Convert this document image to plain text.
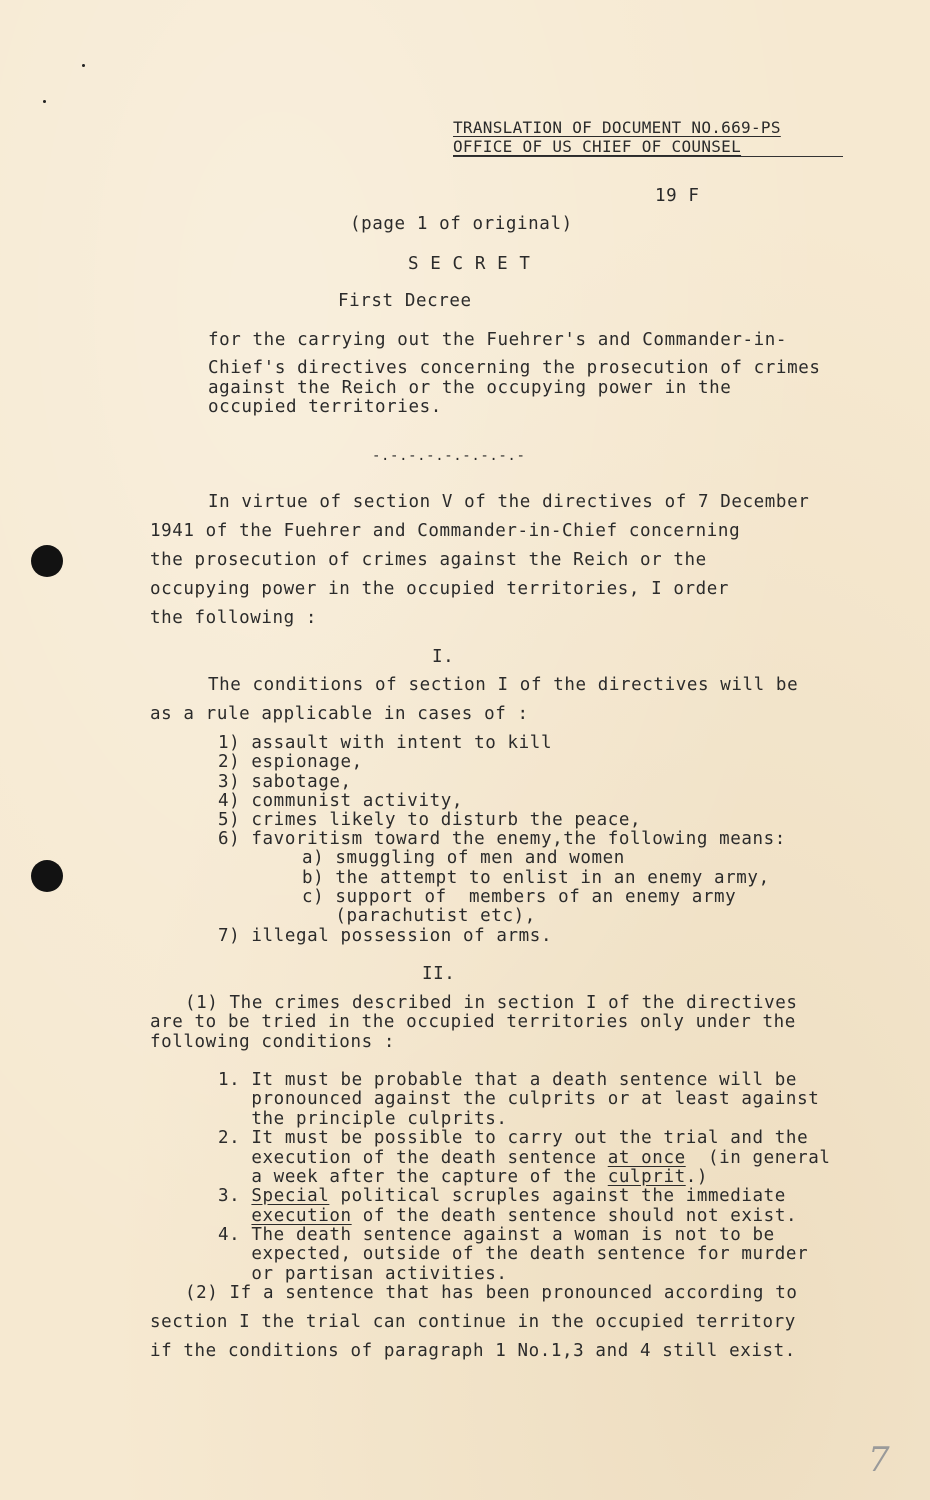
TRANSLATION OF DOCUMENT NO.669-PS
OFFICE OF US CHIEF OF COUNSEL
19 F
(page 1 of original)
S E C R E T
First Decree
for the carrying out the Fuehrer's and Commander-in-
Chief's directives concerning the prosecution of crimes
against the Reich or the occupying power in the
occupied territories.
-.-.-.-.-.-.-.-.-
In virtue of section V of the directives of 7 December
1941 of the Fuehrer and Commander-in-Chief concerning
the prosecution of crimes against the Reich or the
occupying power in the occupied territories, I order
the following :
I.
The conditions of section I of the directives will be
as a rule applicable in cases of :
1) assault with intent to kill
2) espionage,
3) sabotage,
4) communist activity,
5) crimes likely to disturb the peace,
6) favoritism toward the enemy,the following means:
a) smuggling of men and women
b) the attempt to enlist in an enemy army,
c) support of  members of an enemy army
(parachutist etc),
7) illegal possession of arms.
II.
(1) The crimes described in section I of the directives
are to be tried in the occupied territories only under the
following conditions :
1. It must be probable that a death sentence will be
pronounced against the culprits or at least against
the principle culprits.
2. It must be possible to carry out the trial and the
execution of the death sentence at once  (in general
a week after the capture of the culprit.)
3. Special political scruples against the immediate
execution of the death sentence should not exist.
4. The death sentence against a woman is not to be
expected, outside of the death sentence for murder
or partisan activities.
(2) If a sentence that has been pronounced according to
section I the trial can continue in the occupied territory
if the conditions of paragraph 1 No.1,3 and 4 still exist.
7
